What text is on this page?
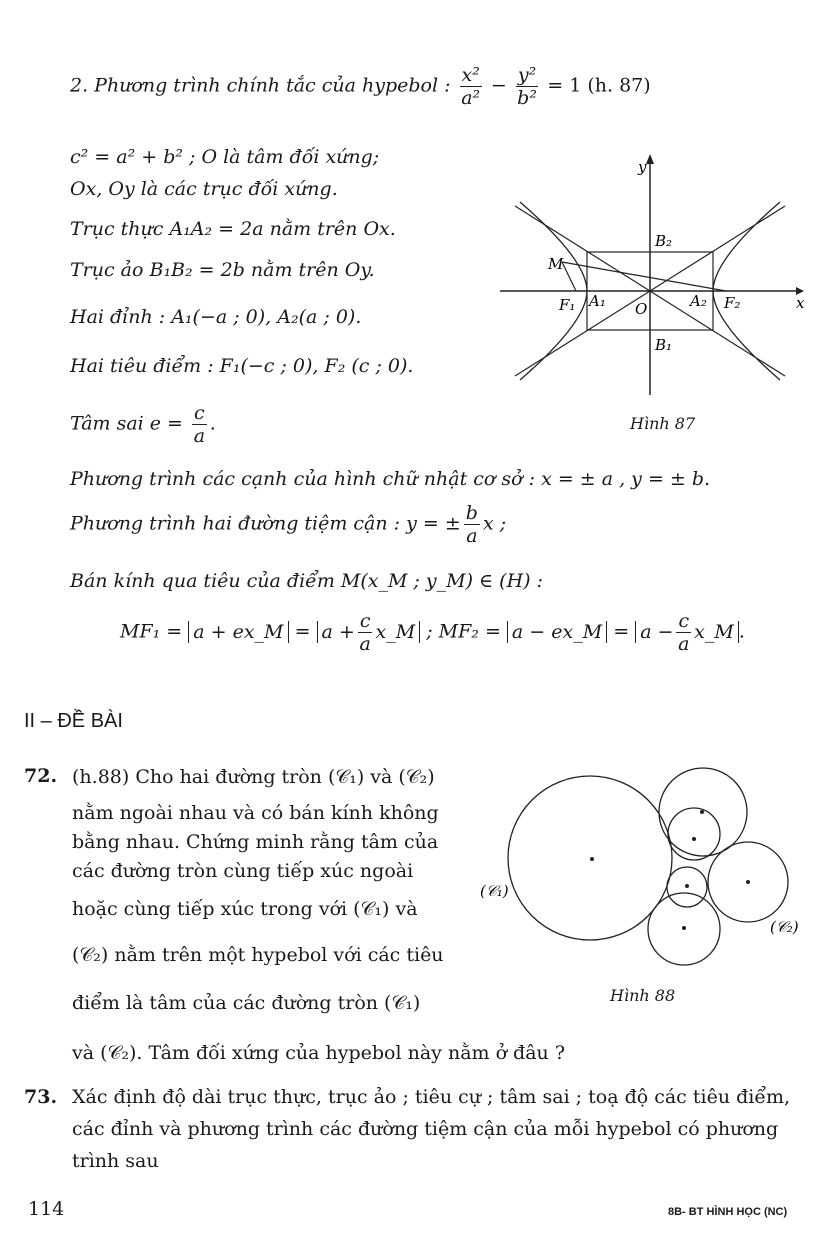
2. Phương trình chính tắc của hypebol : $\frac{\text{x²}}{\text{a²}} - \frac{\text{y²}}{\text{b²}} = 1$ (h. 87)
c² = a² + b² ; O là tâm đối xứng;
Ox, Oy là các trục đối xứng.
Trục thực A₁A₂ = 2a nằm trên Ox.
Trục ảo B₁B₂ = 2b nằm trên Oy.
Hai đỉnh : A₁(−a ; 0), A₂(a ; 0).
Hai tiêu điểm : F₁(−c ; 0), F₂ (c ; 0).
Tâm sai $e = \frac{c}{a}$ .
Phương trình các cạnh của hình chữ nhật cơ sở : x = ± a , y = ± b.
Phương trình hai đường tiệm cận : y = ± $\frac{b}{a}$ x ;
Bán kính qua tiêu của điểm M(x_M ; y_M) ∈ (H) :
MF₁ = a + ex_M = $a + \frac{c}{a}$ x_M ; MF₂ = a − ex_M = $a - \frac{c}{a}$ x_M .
y
x
B₂
B₁
M
F₁ A₁ O	A₂ F₂
Hình 87
II – ĐỀ BÀI
72. (h.88) Cho hai đường tròn (𝒞₁) và (𝒞₂)
nằm ngoài nhau và có bán kính không
bằng nhau. Chứng minh rằng tâm của
các đường tròn cùng tiếp xúc ngoài
hoặc cùng tiếp xúc trong với (𝒞₁) và
(𝒞₂) nằm trên một hypebol với các tiêu
điểm là tâm của các đường tròn (𝒞₁)
và (𝒞₂). Tâm đối xứng của hypebol này nằm ở đâu ?
(𝒞₁)
(𝒞₂)
Hình 88
73. Xác định độ dài trục thực, trục ảo ; tiêu cự ; tâm sai ; toạ độ các tiêu điểm,
các đỉnh và phương trình các đường tiệm cận của mỗi hypebol có phương
trình sau
114	8B- BT HÌNH HỌC (NC)
